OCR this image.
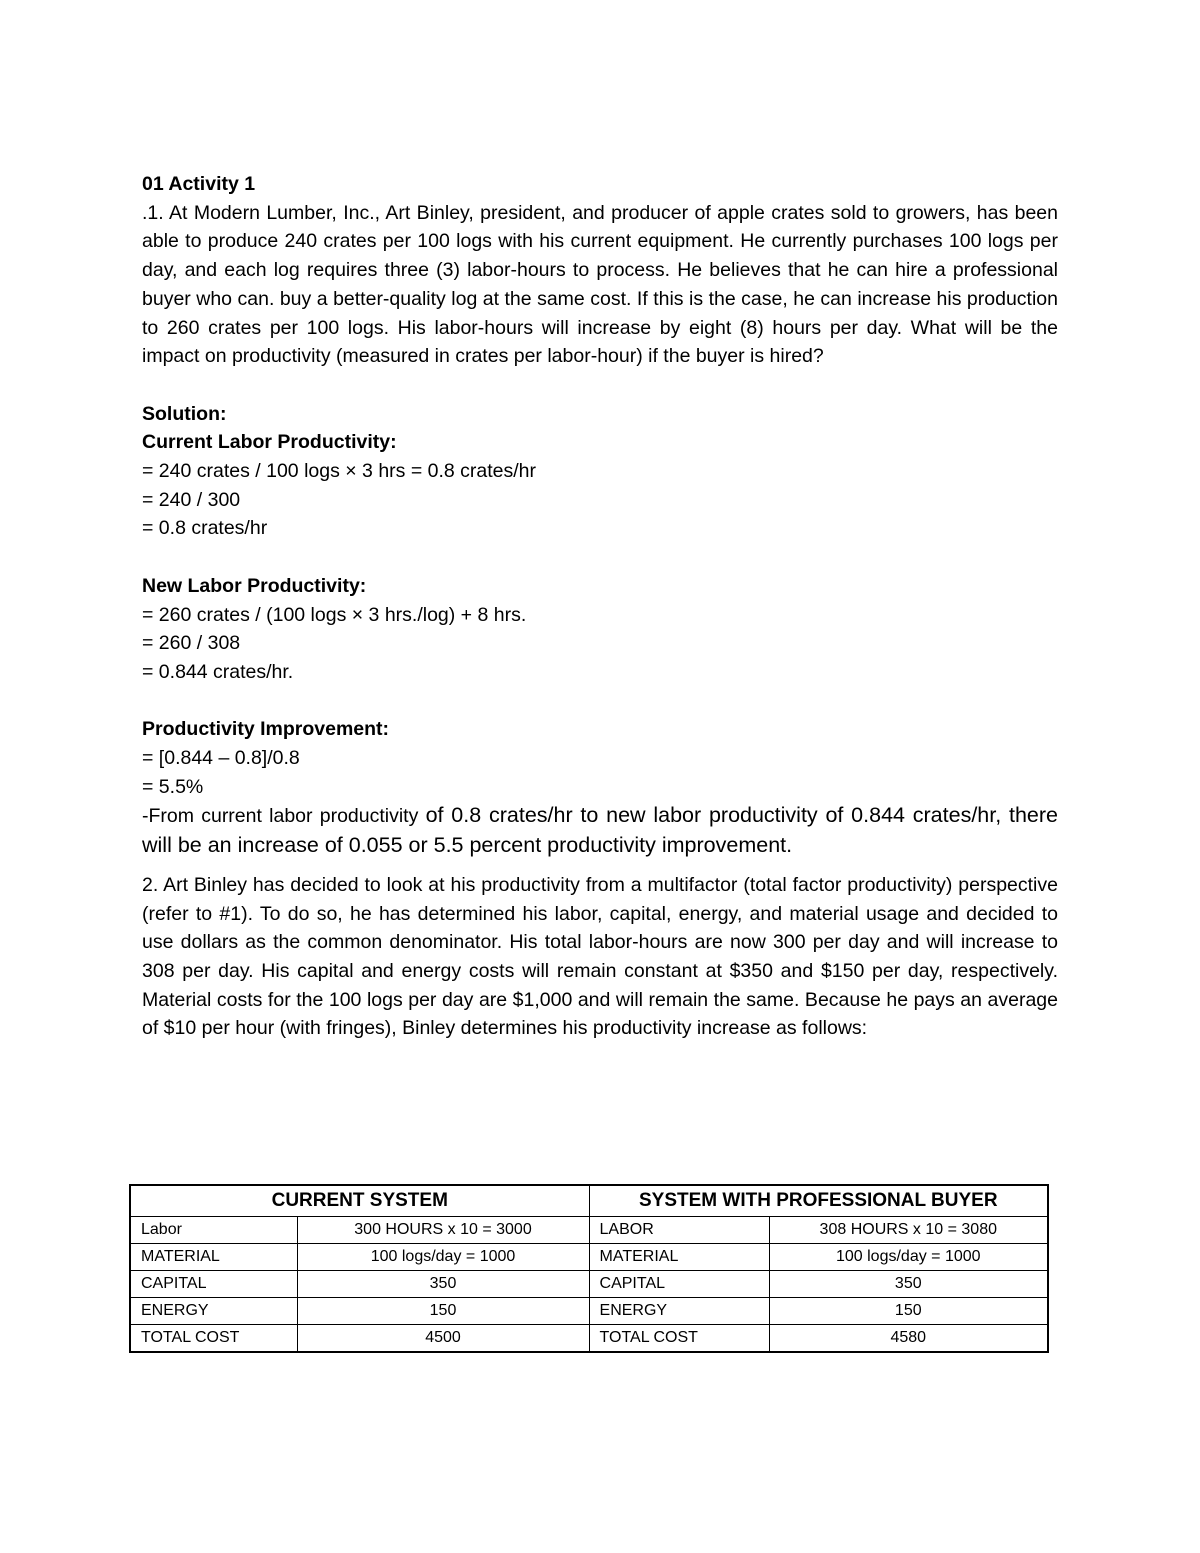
01 Activity 1

.1. At Modern Lumber, Inc., Art Binley, president, and producer of apple crates sold to growers, has been able to produce 240 crates per 100 logs with his current equipment. He currently purchases 100 logs per day, and each log requires three (3) labor-hours to process. He believes that he can hire a professional buyer who can. buy a better-quality log at the same cost. If this is the case, he can increase his production to 260 crates per 100 logs. His labor-hours will increase by eight (8) hours per day. What will be the impact on productivity (measured in crates per labor-hour) if the buyer is hired?

Solution:

Current Labor Productivity:

= 240 crates / 100 logs × 3 hrs = 0.8 crates/hr

= 240 / 300

= 0.8 crates/hr

New Labor Productivity:

= 260 crates / (100 logs × 3 hrs./log) + 8 hrs.

= 260 / 308

= 0.844 crates/hr.

Productivity Improvement:

= [0.844 – 0.8]/0.8

= 5.5%

-From current labor productivity of 0.8 crates/hr to new labor productivity of 0.844 crates/hr, there will be an increase of 0.055 or 5.5 percent productivity improvement.

2. Art Binley has decided to look at his productivity from a multifactor (total factor productivity) perspective (refer to #1). To do so, he has determined his labor, capital, energy, and material usage and decided to use dollars as the common denominator. His total labor-hours are now 300 per day and will increase to 308 per day. His capital and energy costs will remain constant at $350 and $150 per day, respectively. Material costs for the 100 logs per day are $1,000 and will remain the same. Because he pays an average of $10 per hour (with fringes), Binley determines his productivity increase as follows:

CURRENT SYSTEM		SYSTEM WITH PROFESSIONAL BUYER	
Labor	300 HOURS x 10 = 3000	LABOR	308 HOURS x 10 = 3080
MATERIAL	100 logs/day = 1000	MATERIAL	100 logs/day = 1000
CAPITAL	350	CAPITAL	350
ENERGY	150	ENERGY	150
TOTAL COST	4500	TOTAL COST	4580
